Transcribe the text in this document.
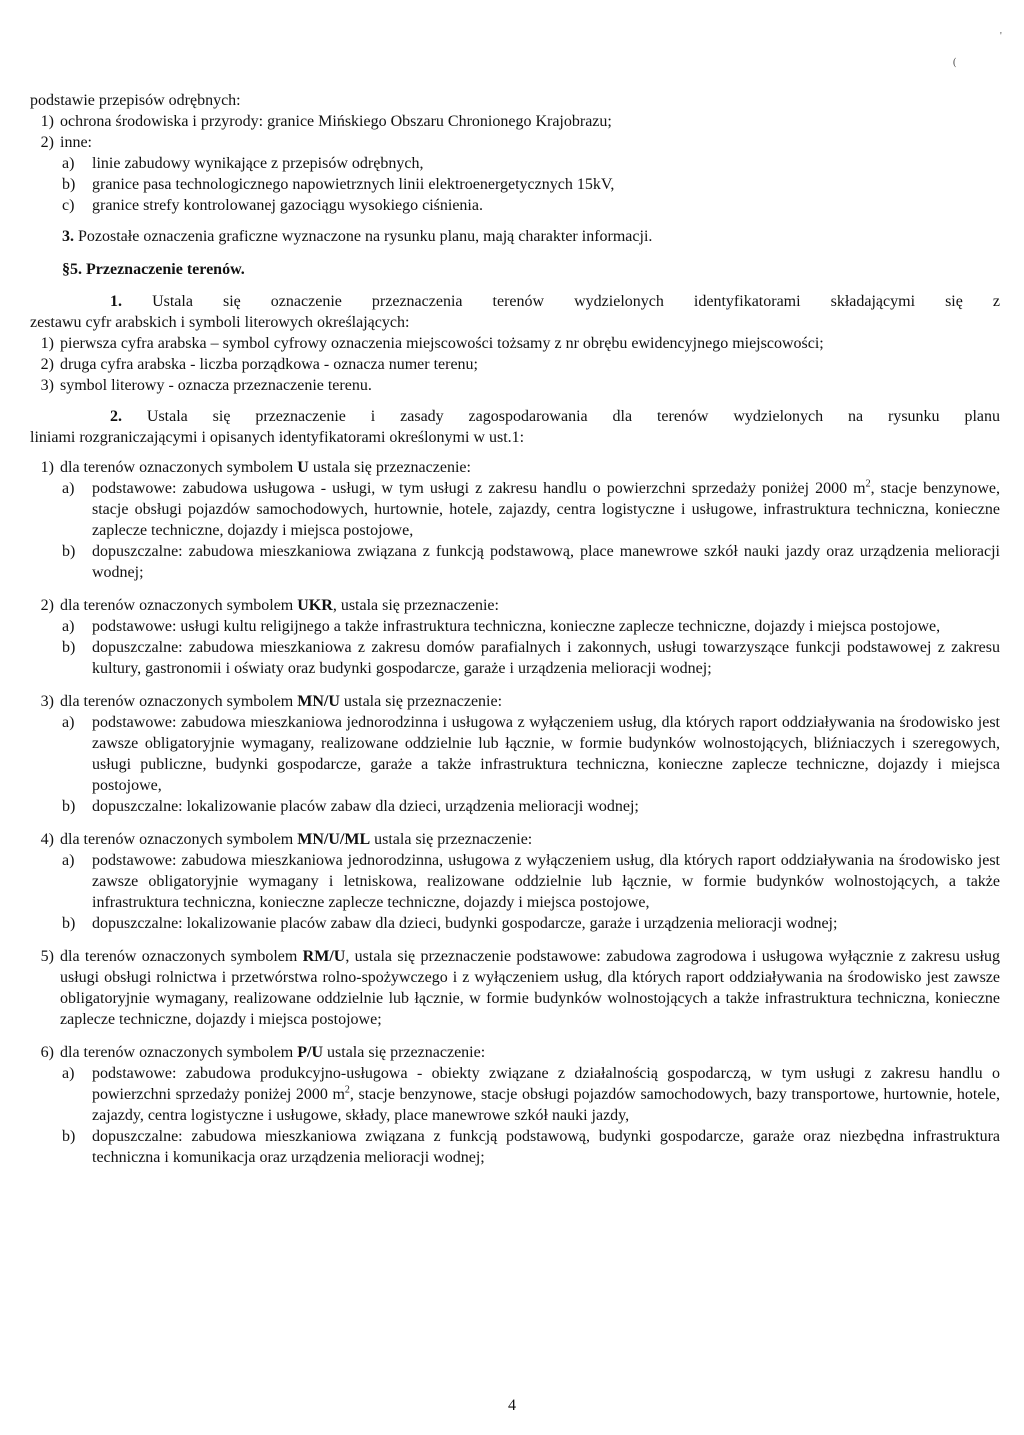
'
(
podstawie przepisów odrębnych:
1) ochrona środowiska i przyrody: granice Mińskiego Obszaru Chronionego Krajobrazu;
2) inne:
a)	linie zabudowy wynikające z przepisów odrębnych,
b)	granice pasa technologicznego napowietrznych linii elektroenergetycznych 15kV,
c)	granice strefy kontrolowanej gazociągu wysokiego ciśnienia.
3. Pozostałe oznaczenia graficzne wyznaczone na rysunku planu, mają charakter informacji.
§5. Przeznaczenie terenów.
1. Ustala się oznaczenie przeznaczenia terenów wydzielonych identyfikatorami składającymi się z
zestawu cyfr arabskich i symboli literowych określających:
1) pierwsza cyfra arabska – symbol cyfrowy oznaczenia miejscowości tożsamy z nr obrębu ewidencyjnego miejscowości;
2) druga cyfra arabska - liczba porządkowa - oznacza numer terenu;
3) symbol literowy - oznacza przeznaczenie terenu.
2. Ustala się przeznaczenie i zasady zagospodarowania dla terenów wydzielonych na rysunku planu
liniami rozgraniczającymi i opisanych identyfikatorami określonymi w ust.1:
1) dla terenów oznaczonych symbolem U ustala się przeznaczenie:
a)	podstawowe: zabudowa usługowa - usługi, w tym usługi z zakresu handlu o powierzchni sprzedaży poniżej 2000 $m^2$, stacje benzynowe, stacje obsługi pojazdów samochodowych, hurtownie, hotele, zajazdy, centra logistyczne i usługowe, infrastruktura techniczna, konieczne zaplecze techniczne, dojazdy i miejsca postojowe,
b)	dopuszczalne: zabudowa mieszkaniowa związana z funkcją podstawową, place manewrowe szkół nauki jazdy oraz urządzenia melioracji wodnej;
2) dla terenów oznaczonych symbolem UKR, ustala się przeznaczenie:
a)	podstawowe: usługi kultu religijnego a także infrastruktura techniczna, konieczne zaplecze techniczne, dojazdy i miejsca postojowe,
b)	dopuszczalne: zabudowa mieszkaniowa z zakresu domów parafialnych i zakonnych, usługi towarzyszące funkcji podstawowej z zakresu kultury, gastronomii i oświaty oraz budynki gospodarcze, garaże i urządzenia melioracji wodnej;
3) dla terenów oznaczonych symbolem MN/U ustala się przeznaczenie:
a)	podstawowe: zabudowa mieszkaniowa jednorodzinna i usługowa z wyłączeniem usług, dla których raport oddziaływania na środowisko jest zawsze obligatoryjnie wymagany, realizowane oddzielnie lub łącznie, w formie budynków wolnostojących, bliźniaczych i szeregowych, usługi publiczne, budynki gospodarcze, garaże a także infrastruktura techniczna, konieczne zaplecze techniczne, dojazdy i miejsca postojowe,
b)	dopuszczalne: lokalizowanie placów zabaw dla dzieci, urządzenia melioracji wodnej;
4) dla terenów oznaczonych symbolem MN/U/ML ustala się przeznaczenie:
a)	podstawowe: zabudowa mieszkaniowa jednorodzinna, usługowa z wyłączeniem usług, dla których raport oddziaływania na środowisko jest zawsze obligatoryjnie wymagany i letniskowa, realizowane oddzielnie lub łącznie, w formie budynków wolnostojących, a także infrastruktura techniczna, konieczne zaplecze techniczne, dojazdy i miejsca postojowe,
b)	dopuszczalne: lokalizowanie placów zabaw dla dzieci, budynki gospodarcze, garaże i urządzenia melioracji wodnej;
5) dla terenów oznaczonych symbolem RM/U, ustala się przeznaczenie podstawowe: zabudowa zagrodowa i usługowa wyłącznie z zakresu usług usługi obsługi rolnictwa i przetwórstwa rolno-spożywczego i z wyłączeniem usług, dla których raport oddziaływania na środowisko jest zawsze obligatoryjnie wymagany, realizowane oddzielnie lub łącznie, w formie budynków wolnostojących a także infrastruktura techniczna, konieczne zaplecze techniczne, dojazdy i miejsca postojowe;
6) dla terenów oznaczonych symbolem P/U ustala się przeznaczenie:
a)	podstawowe: zabudowa produkcyjno-usługowa - obiekty związane z działalnością gospodarczą, w tym usługi z zakresu handlu o powierzchni sprzedaży poniżej 2000 $m^2$, stacje benzynowe, stacje obsługi pojazdów samochodowych, bazy transportowe, hurtownie, hotele, zajazdy, centra logistyczne i usługowe, składy, place manewrowe szkół nauki jazdy,
b)	dopuszczalne: zabudowa mieszkaniowa związana z funkcją podstawową, budynki gospodarcze, garaże oraz niezbędna infrastruktura techniczna i komunikacja oraz urządzenia melioracji wodnej;
4
